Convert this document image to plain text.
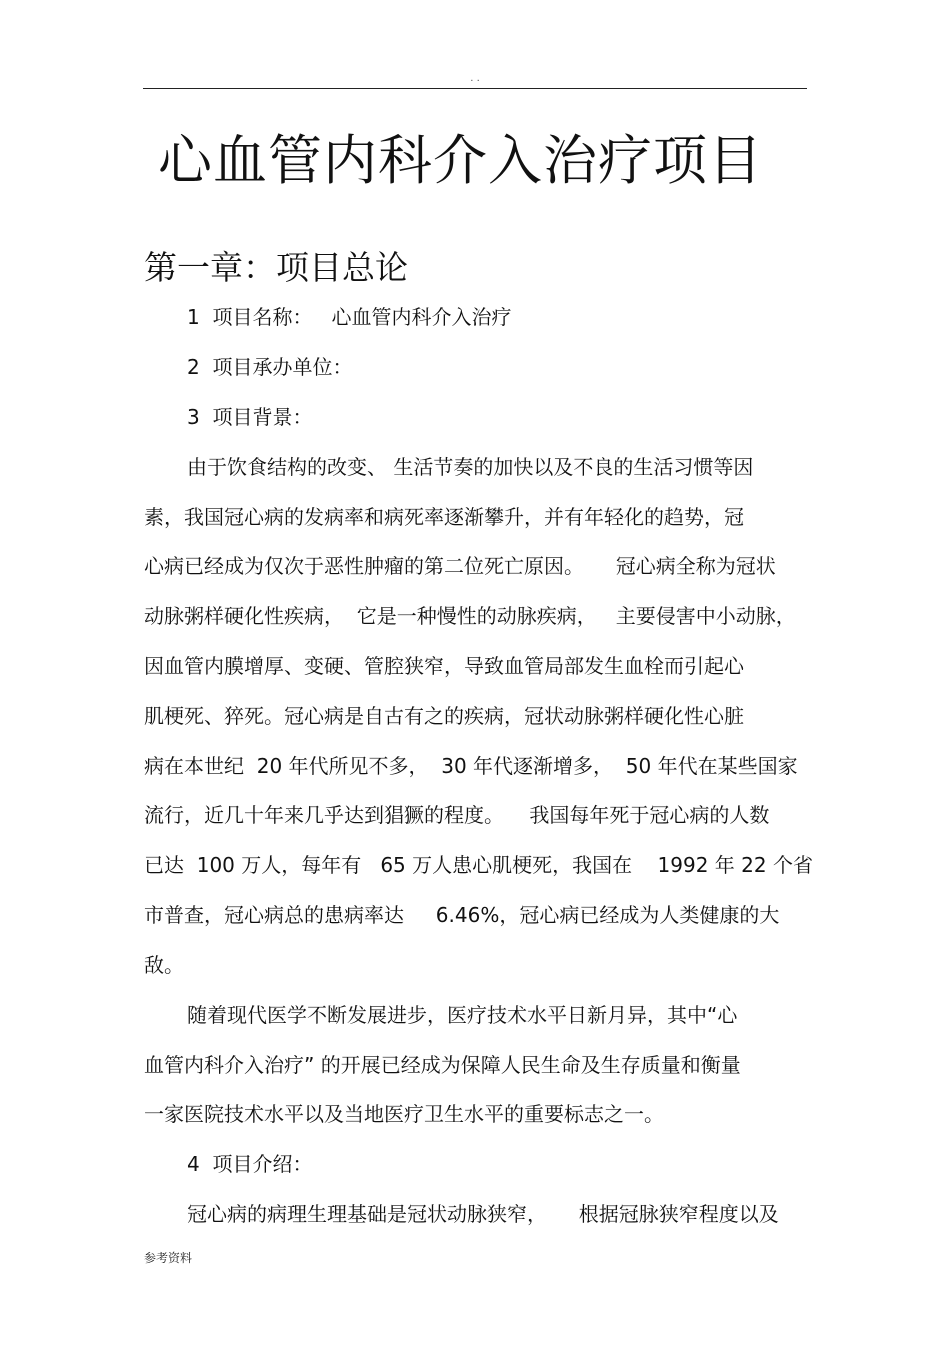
. .
心血管内科介入治疗项目
第一章：项目总论
1  项目名称：   心血管内科介入治疗
2  项目承办单位：
3  项目背景：
由于饮食结构的改变、 生活节奏的加快以及不良的生活习惯等因
素，我国冠心病的发病率和病死率逐渐攀升，并有年轻化的趋势，冠
心病已经成为仅次于恶性肿瘤的第二位死亡原因。     冠心病全称为冠状
动脉粥样硬化性疾病，  它是一种慢性的动脉疾病，   主要侵害中小动脉，
因血管内膜增厚、变硬、管腔狭窄，导致血管局部发生血栓而引起心
肌梗死、猝死。冠心病是自古有之的疾病，冠状动脉粥样硬化性心脏
病在本世纪  20 年代所见不多，  30 年代逐渐增多，  50 年代在某些国家
流行，近几十年来几乎达到猖獗的程度。    我国每年死于冠心病的人数
已达  100 万人，每年有   65 万人患心肌梗死，我国在    1992 年 22 个省
市普查，冠心病总的患病率达     6.46%，冠心病已经成为人类健康的大
敌。
随着现代医学不断发展进步，医疗技术水平日新月异，其中“心
血管内科介入治疗” 的开展已经成为保障人民生命及生存质量和衡量
一家医院技术水平以及当地医疗卫生水平的重要标志之一。
4  项目介绍：
冠心病的病理生理基础是冠状动脉狭窄，     根据冠脉狭窄程度以及
参考资料
